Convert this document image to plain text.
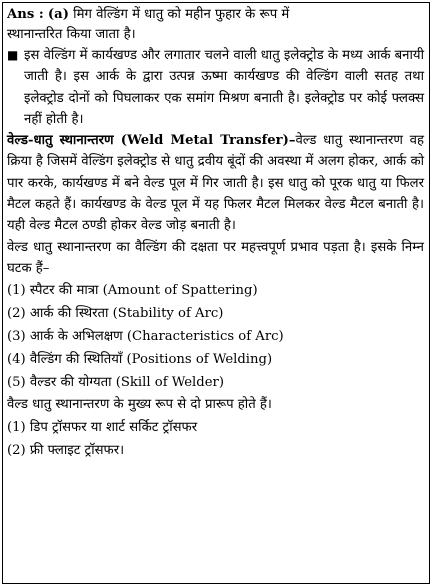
Ans : (a) मिग वेल्डिंग में धातु को महीन फुहार के रूप में
स्थानान्तरित किया जाता है।
■ इस वेल्डिंग में कार्यखण्ड और लगातार चलने वाली धातु इलेक्ट्रोड के मध्य आर्क बनायी जाती है। इस आर्क के द्वारा उत्पन्न ऊष्मा कार्यखण्ड की वेल्डिंग वाली सतह तथा इलेक्ट्रोड दोनों को पिघलाकर एक समांग मिश्रण बनाती है। इलेक्ट्रोड पर कोई फ्लक्स नहीं होती है।
वेल्ड-धातु स्थानान्तरण (Weld Metal Transfer)–वेल्ड धातु स्थानान्तरण वह क्रिया है जिसमें वेल्डिंग इलेक्ट्रोड से धातु द्रवीय बूंदों की अवस्था में अलग होकर, आर्क को पार करके, कार्यखण्ड में बने वेल्ड पूल में गिर जाती है। इस धातु को पूरक धातु या फिलर मैटल कहते हैं। कार्यखण्ड के वेल्ड पूल में यह फिलर मैटल मिलकर वेल्ड मैटल बनाती है। यही वेल्ड मैटल ठण्डी होकर वेल्ड जोड़ बनाती है।
वेल्ड धातु स्थानान्तरण का वैल्डिंग की दक्षता पर महत्त्वपूर्ण प्रभाव पड़ता है। इसके निम्न घटक हैं–
(1) स्पैटर की मात्रा (Amount of Spattering)
(2) आर्क की स्थिरता (Stability of Arc)
(3) आर्क के अभिलक्षण (Characteristics of Arc)
(4) वैल्डिंग की स्थितियाँ (Positions of Welding)
(5) वैल्डर की योग्यता (Skill of Welder)
वैल्ड धातु स्थानान्तरण के मुख्य रूप से दो प्रारूप होते हैं।
(1) डिप ट्रॉसफर या शार्ट सर्किट ट्रॉसफर
(2) फ्री फ्लाइट ट्रॉसफर।
